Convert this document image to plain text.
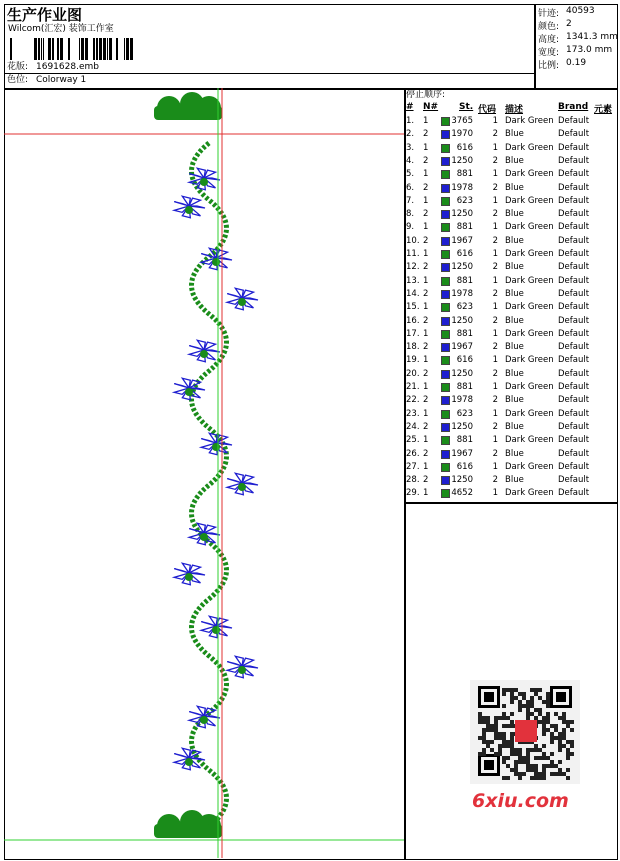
生产作业图
Wilcom(汇宏) 装饰工作室
花版: 1691628.emb
色位: Colorway 1
针迹: 40593
颜色: 2
高度: 1341.3 mm
宽度: 173.0 mm
比例: 0.19
停止顺序:
# N# St. 代码 描述	Brand 元素
1. 1	3765	1 Dark Green Default
2. 2	1970	2 Blue	Default
3. 1	616	1 Dark Green Default
4. 2	1250	2 Blue	Default
5. 1	881	1 Dark Green Default
6. 2	1978	2 Blue	Default
7. 1	623	1 Dark Green Default
8. 2	1250	2 Blue	Default
9. 1	881	1 Dark Green Default
10. 2	1967	2 Blue	Default
11. 1	616	1 Dark Green Default
12. 2	1250	2 Blue	Default
13. 1	881	1 Dark Green Default
14. 2	1978	2 Blue	Default
15. 1	623	1 Dark Green Default
16. 2	1250	2 Blue	Default
17. 1	881	1 Dark Green Default
18. 2	1967	2 Blue	Default
19. 1	616	1 Dark Green Default
20. 2	1250	2 Blue	Default
21. 1	881	1 Dark Green Default
22. 2	1978	2 Blue	Default
23. 1	623	1 Dark Green Default
24. 2	1250	2 Blue	Default
25. 1	881	1 Dark Green Default
26. 2	1967	2 Blue	Default
27. 1	616	1 Dark Green Default
28. 2	1250	2 Blue	Default
29. 1	4652	1 Dark Green Default
6xiu.com
